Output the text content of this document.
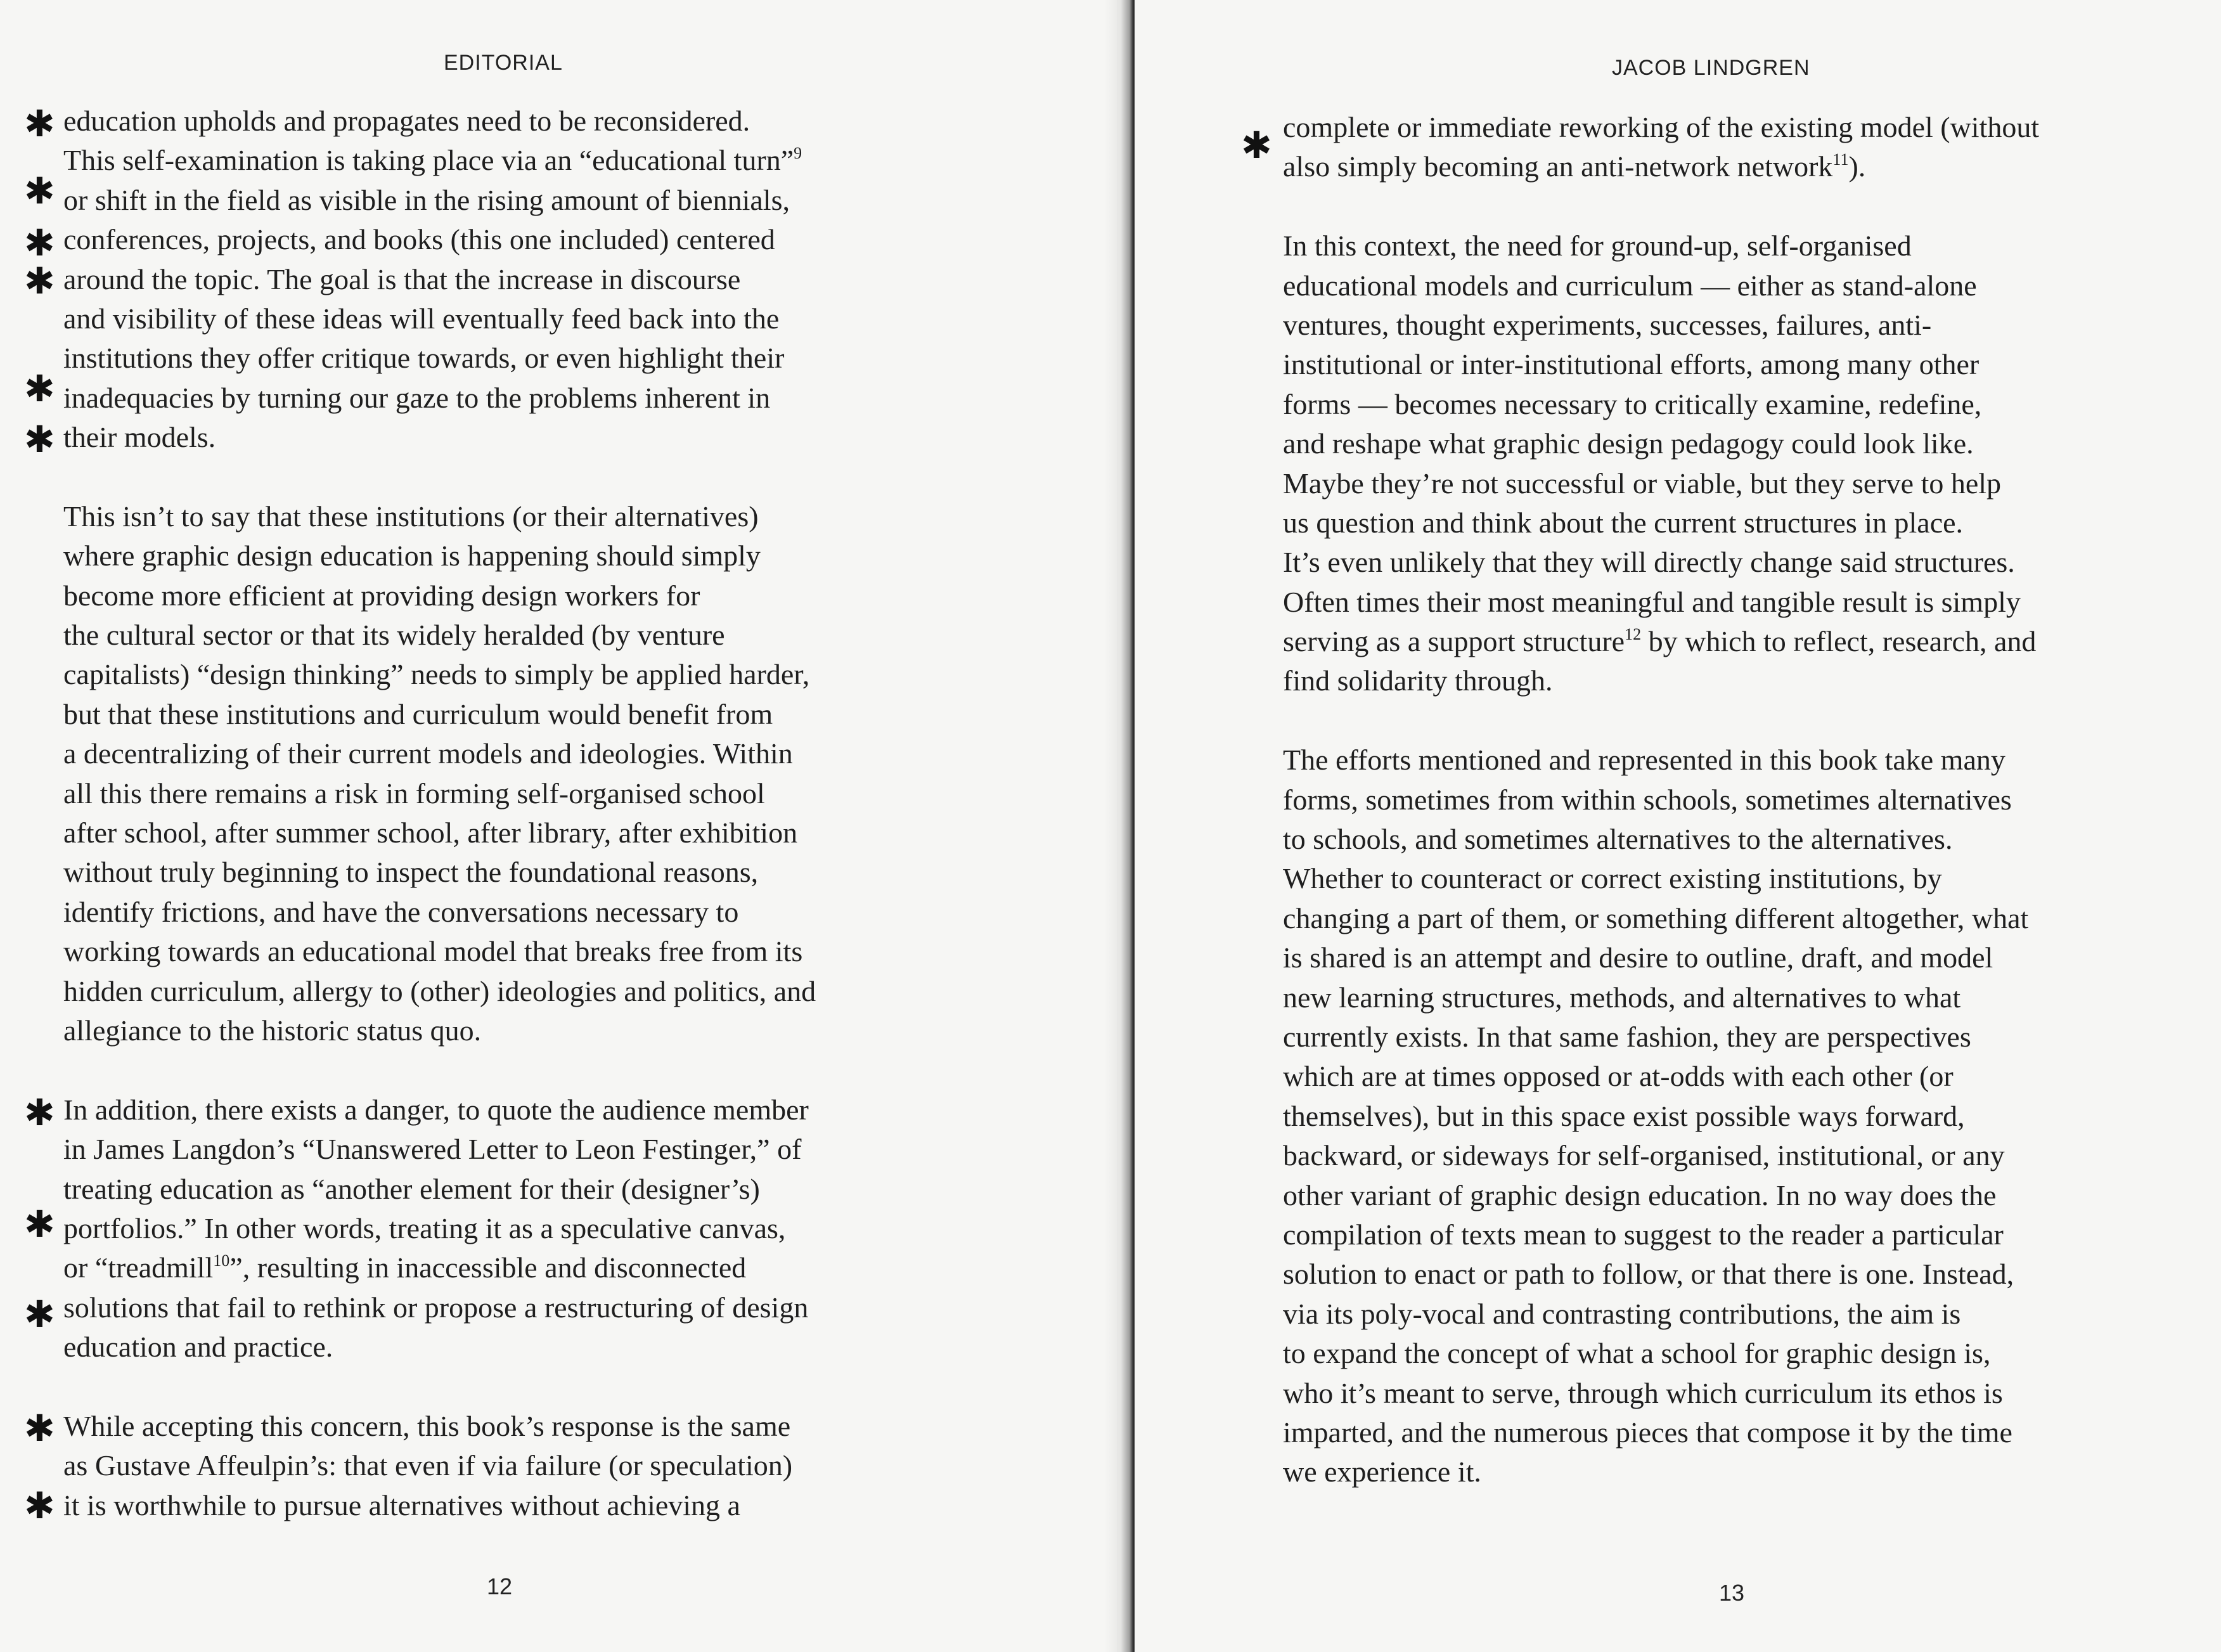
EDITORIAL
✱
✱
✱
✱
✱
✱
✱
✱
✱
✱
✱

education upholds and propagates need to be reconsidered.
This self-examination is taking place via an “educational turn”$^9$
or shift in the field as visible in the rising amount of biennials,
conferences, projects, and books (this one included) centered
around the topic. The goal is that the increase in discourse
and visibility of these ideas will eventually feed back into the
institutions they offer critique towards, or even highlight their
inadequacies by turning our gaze to the problems inherent in
their models.

This isn’t to say that these institutions (or their alternatives)
where graphic design education is happening should simply
become more efficient at providing design workers for
the cultural sector or that its widely heralded (by venture
capitalists) “design thinking” needs to simply be applied harder,
but that these institutions and curriculum would benefit from
a decentralizing of their current models and ideologies. Within
all this there remains a risk in forming self-organised school
after school, after summer school, after library, after exhibition
without truly beginning to inspect the foundational reasons,
identify frictions, and have the conversations necessary to
working towards an educational model that breaks free from its
hidden curriculum, allergy to (other) ideologies and politics, and
allegiance to the historic status quo.

In addition, there exists a danger, to quote the audience member
in James Langdon’s “Unanswered Letter to Leon Festinger,” of
treating education as “another element for their (designer’s)
portfolios.” In other words, treating it as a speculative canvas,
or “treadmill$^{10}$”, resulting in inaccessible and disconnected
solutions that fail to rethink or propose a restructuring of design
education and practice.

While accepting this concern, this book’s response is the same
as Gustave Affeulpin’s: that even if via failure (or speculation)
it is worthwhile to pursue alternatives without achieving a

12
JACOB LINDGREN
✱
13

complete or immediate reworking of the existing model (without
also simply becoming an anti-network network$^{11}$).

In this context, the need for ground-up, self-organised
educational models and curriculum — either as stand-alone
ventures, thought experiments, successes, failures, anti-
institutional or inter-institutional efforts, among many other
forms — becomes necessary to critically examine, redefine,
and reshape what graphic design pedagogy could look like.
Maybe they’re not successful or viable, but they serve to help
us question and think about the current structures in place.
It’s even unlikely that they will directly change said structures.
Often times their most meaningful and tangible result is simply
serving as a support structure$^{12}$ by which to reflect, research, and
find solidarity through.

The efforts mentioned and represented in this book take many
forms, sometimes from within schools, sometimes alternatives
to schools, and sometimes alternatives to the alternatives.
Whether to counteract or correct existing institutions, by
changing a part of them, or something different altogether, what
is shared is an attempt and desire to outline, draft, and model
new learning structures, methods, and alternatives to what
currently exists. In that same fashion, they are perspectives
which are at times opposed or at-odds with each other (or
themselves), but in this space exist possible ways forward,
backward, or sideways for self-organised, institutional, or any
other variant of graphic design education. In no way does the
compilation of texts mean to suggest to the reader a particular
solution to enact or path to follow, or that there is one. Instead,
via its poly-vocal and contrasting contributions, the aim is
to expand the concept of what a school for graphic design is,
who it’s meant to serve, through which curriculum its ethos is
imparted, and the numerous pieces that compose it by the time
we experience it.
